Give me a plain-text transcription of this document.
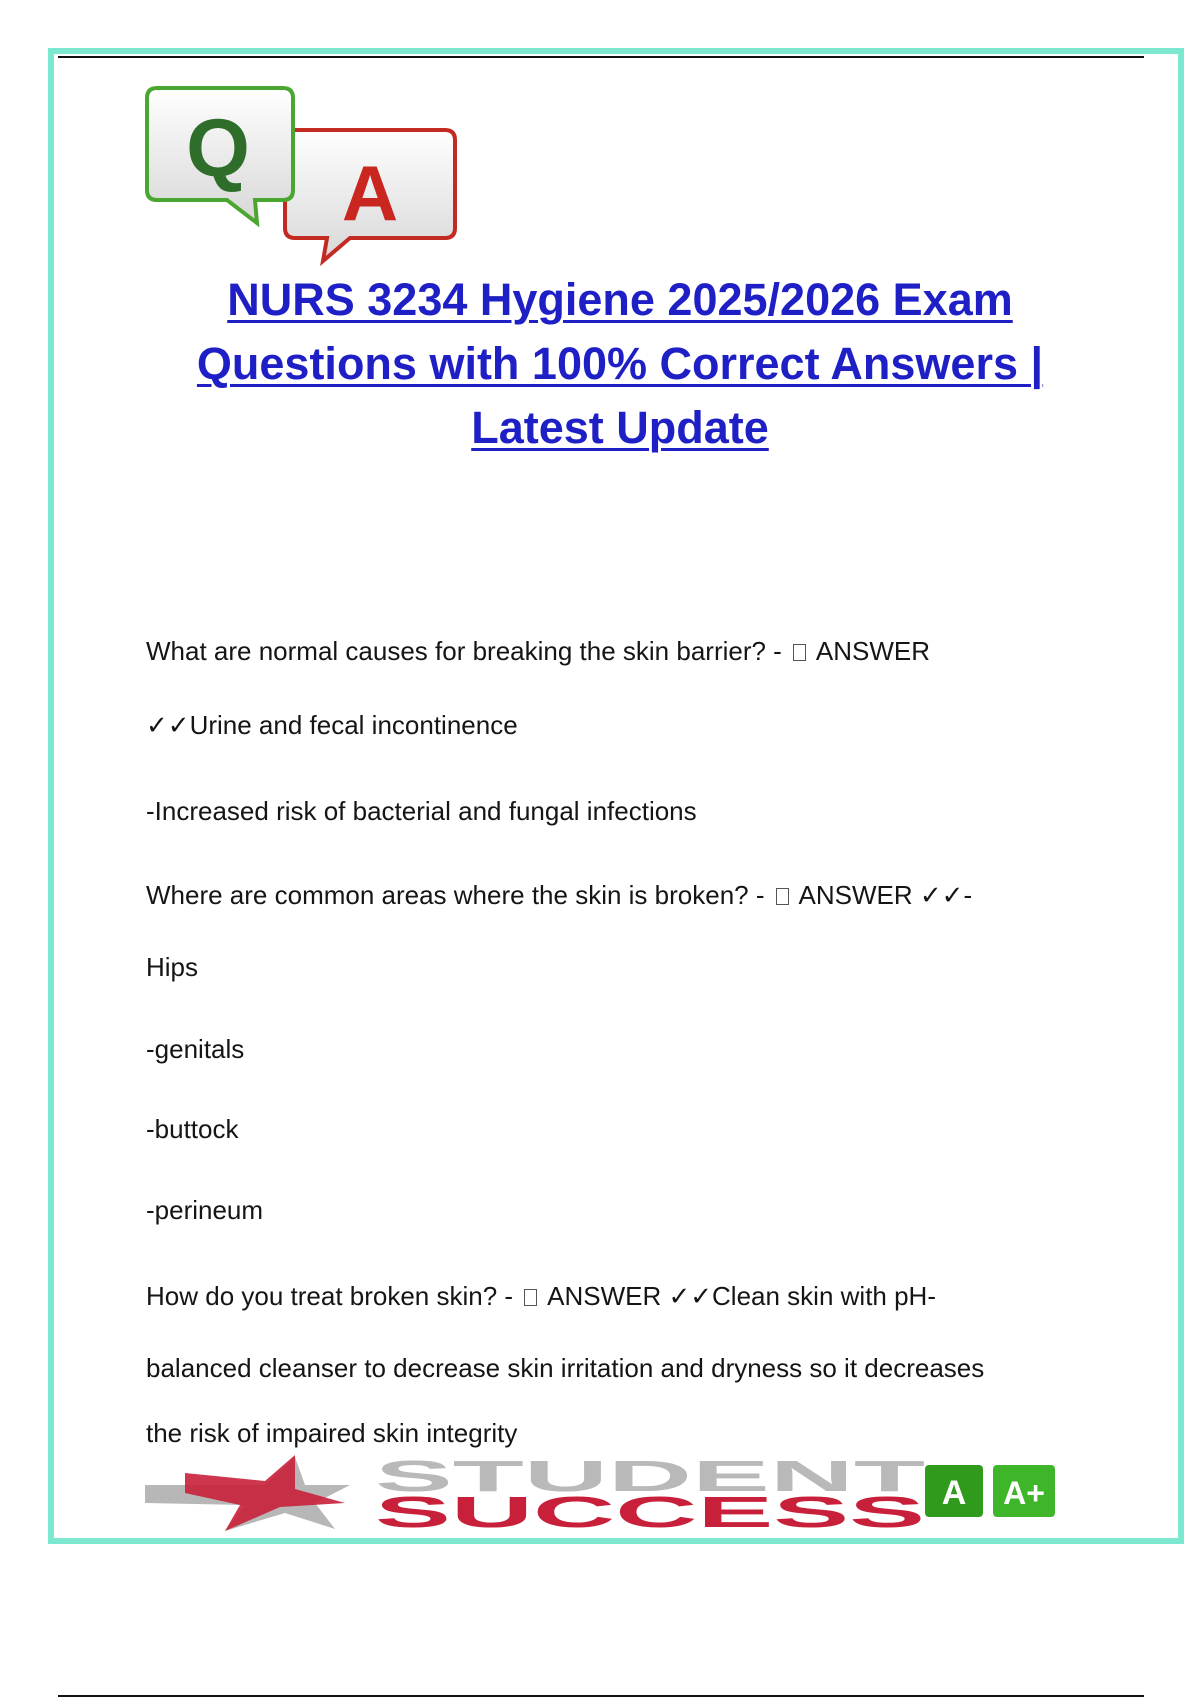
A
Q
NURS 3234 Hygiene 2025/2026 Exam Questions with 100% Correct Answers | Latest Update
What are normal causes for breaking the skin barrier? - ANSWER
✓✓Urine and fecal incontinence
-Increased risk of bacterial and fungal infections
Where are common areas where the skin is broken? - ANSWER ✓✓-
Hips
-genitals
-buttock
-perineum
How do you treat broken skin? - ANSWER ✓✓Clean skin with pH-
balanced cleanser to decrease skin irritation and dryness so it decreases
the risk of impaired skin integrity
STUDENT
SUCCESS A A+
